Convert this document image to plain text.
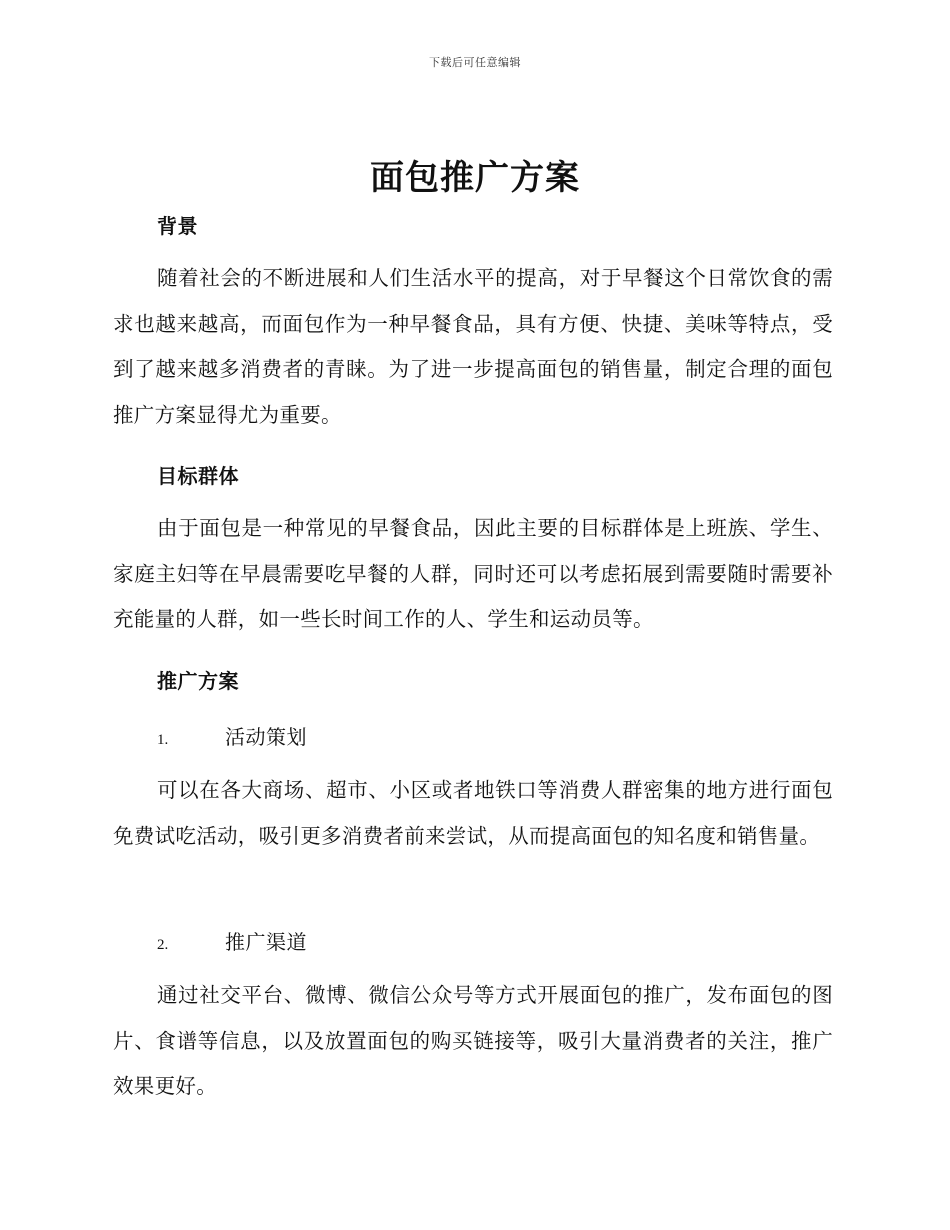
下载后可任意编辑
面包推广方案
背景
随着社会的不断进展和人们生活水平的提高，对于早餐这个日常饮食的需求也越来越高，而面包作为一种早餐食品，具有方便、快捷、美味等特点，受到了越来越多消费者的青睐。为了进一步提高面包的销售量，制定合理的面包推广方案显得尤为重要。
目标群体
由于面包是一种常见的早餐食品，因此主要的目标群体是上班族、学生、家庭主妇等在早晨需要吃早餐的人群，同时还可以考虑拓展到需要随时需要补充能量的人群，如一些长时间工作的人、学生和运动员等。
推广方案
1.	活动策划
可以在各大商场、超市、小区或者地铁口等消费人群密集的地方进行面包免费试吃活动，吸引更多消费者前来尝试，从而提高面包的知名度和销售量。
2.	推广渠道
通过社交平台、微博、微信公众号等方式开展面包的推广，发布面包的图片、食谱等信息，以及放置面包的购买链接等，吸引大量消费者的关注，推广效果更好。
